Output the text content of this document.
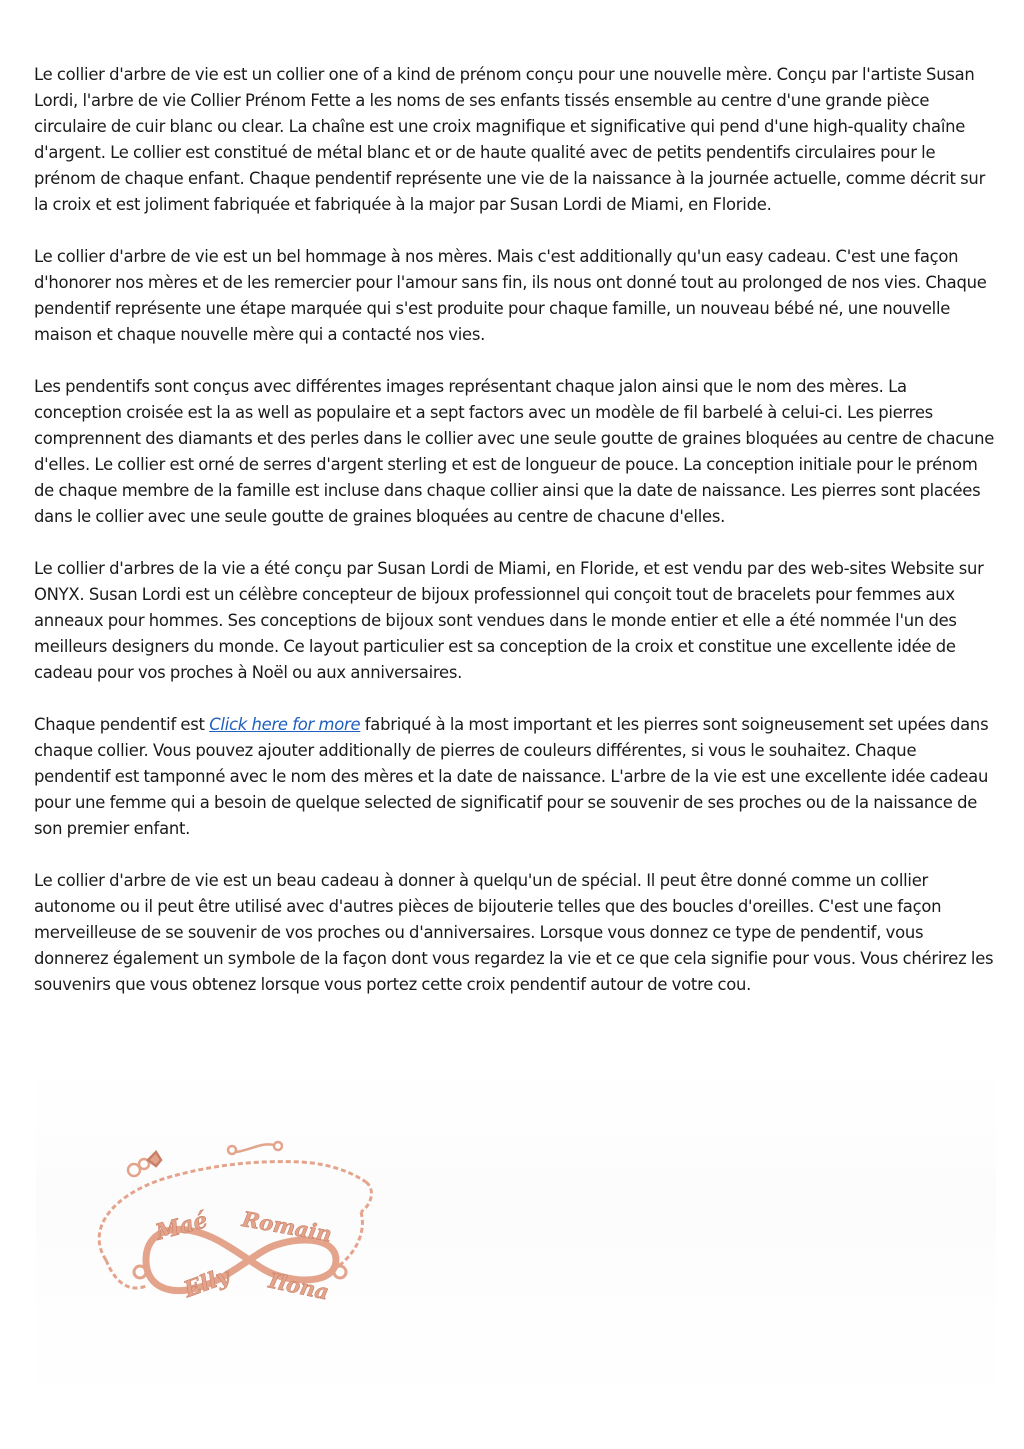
Le collier d'arbre de vie est un collier one of a kind de prénom conçu pour une nouvelle mère. Conçu par l'artiste Susan Lordi, l'arbre de vie Collier Prénom Fette a les noms de ses enfants tissés ensemble au centre d'une grande pièce circulaire de cuir blanc ou clear. La chaîne est une croix magnifique et significative qui pend d'une high-quality chaîne d'argent. Le collier est constitué de métal blanc et or de haute qualité avec de petits pendentifs circulaires pour le prénom de chaque enfant. Chaque pendentif représente une vie de la naissance à la journée actuelle, comme décrit sur la croix et est joliment fabriquée et fabriquée à la major par Susan Lordi de Miami, en Floride.

Le collier d'arbre de vie est un bel hommage à nos mères. Mais c'est additionally qu'un easy cadeau. C'est une façon d'honorer nos mères et de les remercier pour l'amour sans fin, ils nous ont donné tout au prolonged de nos vies. Chaque pendentif représente une étape marquée qui s'est produite pour chaque famille, un nouveau bébé né, une nouvelle maison et chaque nouvelle mère qui a contacté nos vies.

Les pendentifs sont conçus avec différentes images représentant chaque jalon ainsi que le nom des mères. La conception croisée est la as well as populaire et a sept factors avec un modèle de fil barbelé à celui-ci. Les pierres comprennent des diamants et des perles dans le collier avec une seule goutte de graines bloquées au centre de chacune d'elles. Le collier est orné de serres d'argent sterling et est de longueur de pouce. La conception initiale pour le prénom de chaque membre de la famille est incluse dans chaque collier ainsi que la date de naissance. Les pierres sont placées dans le collier avec une seule goutte de graines bloquées au centre de chacune d'elles.

Le collier d'arbres de la vie a été conçu par Susan Lordi de Miami, en Floride, et est vendu par des web-sites Website sur ONYX. Susan Lordi est un célèbre concepteur de bijoux professionnel qui conçoit tout de bracelets pour femmes aux anneaux pour hommes. Ses conceptions de bijoux sont vendues dans le monde entier et elle a été nommée l'un des meilleurs designers du monde. Ce layout particulier est sa conception de la croix et constitue une excellente idée de cadeau pour vos proches à Noël ou aux anniversaires.

Chaque pendentif est Click here for more fabriqué à la most important et les pierres sont soigneusement set upées dans chaque collier. Vous pouvez ajouter additionally de pierres de couleurs différentes, si vous le souhaitez. Chaque pendentif est tamponné avec le nom des mères et la date de naissance. L'arbre de la vie est une excellente idée cadeau pour une femme qui a besoin de quelque selected de significatif pour se souvenir de ses proches ou de la naissance de son premier enfant.

Le collier d'arbre de vie est un beau cadeau à donner à quelqu'un de spécial. Il peut être donné comme un collier autonome ou il peut être utilisé avec d'autres pièces de bijouterie telles que des boucles d'oreilles. C'est une façon merveilleuse de se souvenir de vos proches ou d'anniversaires. Lorsque vous donnez ce type de pendentif, vous donnerez également un symbole de la façon dont vous regardez la vie et ce que cela signifie pour vous. Vous chérirez les souvenirs que vous obtenez lorsque vous portez cette croix pendentif autour de votre cou.

Maé Romain
Elly Ilona
